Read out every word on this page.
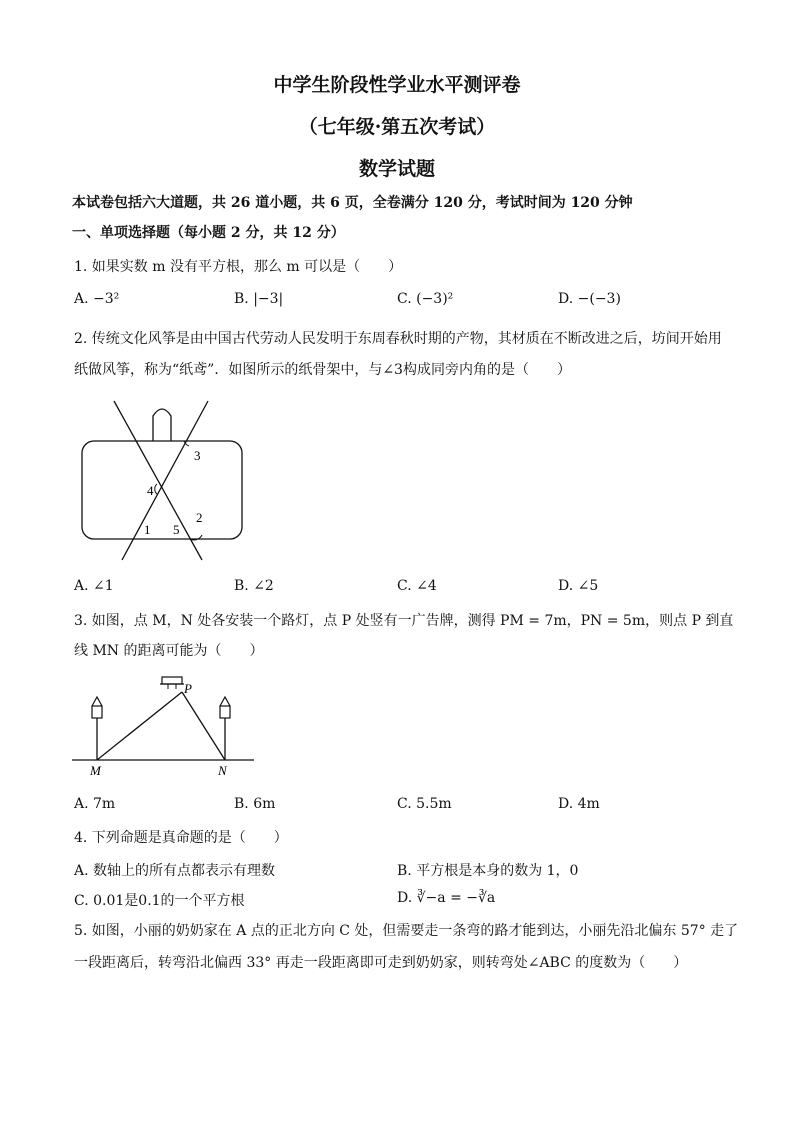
中学生阶段性学业水平测评卷
（七年级·第五次考试）
数学试题
本试卷包括六大道题，共 26 道小题，共 6 页，全卷满分 120 分，考试时间为 120 分钟
一、单项选择题（每小题 2 分，共 12 分）
1. 如果实数 m 没有平方根，那么 m 可以是（　　）
A. −3²	B. |−3|	C. (−3)²	D. −(−3)
2. 传统文化风筝是由中国古代劳动人民发明于东周春秋时期的产物，其材质在不断改进之后，坊间开始用
纸做风筝，称为“纸鸢”．如图所示的纸骨架中，与∠3构成同旁内角的是（　　）
3
4
2
1 5
A. ∠1	B. ∠2	C. ∠4	D. ∠5
3. 如图，点 M，N 处各安装一个路灯，点 P 处竖有一广告牌，测得 PM = 7m，PN = 5m，则点 P 到直
线 MN 的距离可能为（　　）
P
M	N
A. 7m	B. 6m	C. 5.5m	D. 4m
4. 下列命题是真命题的是（　　）
A. 数轴上的所有点都表示有理数	B. 平方根是本身的数为 1，0
C. 0.01是0.1的一个平方根	D. ∛−a = −∛a
5. 如图，小丽的奶奶家在 A 点的正北方向 C 处，但需要走一条弯的路才能到达，小丽先沿北偏东 57° 走了
一段距离后，转弯沿北偏西 33° 再走一段距离即可走到奶奶家，则转弯处∠ABC 的度数为（　　）
